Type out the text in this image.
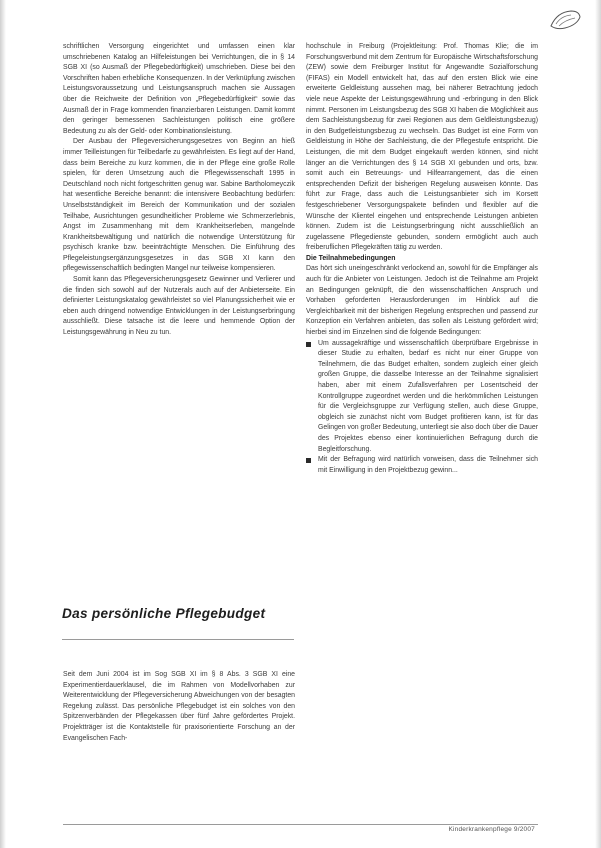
schriftlichen Versorgung eingerichtet und umfassen einen klar umschriebenen Katalog an Hilfeleistungen bei Verrichtungen, die in § 14 SGB XI (so Ausmaß der Pflegebedürftigkeit) umschrieben. Diese bei den Vorschriften haben erhebliche Konsequenzen. In der Verknüpfung zwischen Leistungsvoraussetzung und Leistungsanspruch machen sie Aussagen über die Reichweite der Definition von „Pflegebedürftigkeit“ sowie das Ausmaß der in Frage kommenden finanzierbaren Leistungen. Damit kommt den geringer bemessenen Sachleistungen politisch eine größere Bedeutung zu als der Geld- oder Kombinationsleistung.

Der Ausbau der Pflegeversicherungsgesetzes von Beginn an hieß immer Teilleistungen für Teilbedarfe zu gewährleisten. Es liegt auf der Hand, dass beim Bereiche zu kurz kommen, die in der Pflege eine große Rolle spielen, für deren Umsetzung auch die Pflegewissenschaft 1995 in Deutschland noch nicht fortgeschritten genug war. Sabine Bartholomeyczik hat wesentliche Bereiche benannt: die intensivere Beobachtung bedürfen: Unselbstständigkeit im Bereich der Kommunikation und der sozialen Teilhabe, Ausrichtungen gesundheitlicher Probleme wie Schmerzerlebnis, Angst im Zusammenhang mit dem Krankheitserleben, mangelnde Krankheitsbewältigung und natürlich die notwendige Unterstützung für psychisch kranke bzw. beeinträchtigte Menschen. Die Einführung des Pflegeleistungsergänzungsgesetzes in das SGB XI kann den pflegewissenschaftlich bedingten Mangel nur teilweise kompensieren.

Somit kann das Pflegeversicherungsgesetz Gewinner und Verlierer und die finden sich sowohl auf der Nutzerals auch auf der Anbieterseite. Ein definierter Leistungskatalog gewährleistet so viel Planungssicherheit wie er eben auch dringend notwendige Entwicklungen in der Leistungserbringung ausschließt. Diese tatsache ist die leere und hemmende Option der Leistungsgewährung in Neu zu tun.

Das persönliche Pflegebudget

Seit dem Juni 2004 ist im Sog SGB XI im § 8 Abs. 3 SGB XI eine Experimentierdauerklausel, die im Rahmen von Modellvorhaben zur Weiterentwicklung der Pflegeversicherung Abweichungen von der besagten Regelung zulässt. Das persönliche Pflegebudget ist ein solches von den Spitzenverbänden der Pflegekassen über fünf Jahre gefördertes Projekt. Projektträger ist die Kontaktstelle für praxisorientierte Forschung an der Evangelischen Fach-

hochschule in Freiburg (Projektleitung: Prof. Thomas Klie; die im Forschungsverbund mit dem Zentrum für Europäische Wirtschaftsforschung (ZEW) sowie dem Freiburger Institut für Angewandte Sozialforschung (FIFAS) ein Modell entwickelt hat, das auf den ersten Blick wie eine erweiterte Geldleistung aussehen mag, bei näherer Betrachtung jedoch viele neue Aspekte der Leistungsgewährung und -erbringung in den Blick nimmt. Personen im Leistungsbezug des SGB XI haben die Möglichkeit aus dem Sachleistungsbezug für zwei Regionen aus dem Geldleistungsbezug) in den Budgetleistungsbezug zu wechseln. Das Budget ist eine Form von Geldleistung in Höhe der Sachleistung, die der Pflegestufe entspricht. Die Leistungen, die mit dem Budget eingekauft werden können, sind nicht länger an die Verrichtungen des § 14 SGB XI gebunden und orts, bzw. somit auch ein Betreuungs- und Hilfearrangement, das die einen entsprechenden Defizit der bisherigen Regelung ausweisen könnte. Das führt zur Frage, dass auch die Leistungsanbieter sich im Korsett festgeschriebener Versorgungspakete befinden und flexibler auf die Wünsche der Klientel eingehen und entsprechende Leistungen anbieten können. Zudem ist die Leistungserbringung nicht ausschließlich an zugelassene Pflegedienste gebunden, sondern ermöglicht auch auch freiberuflichen Pflegekräften tätig zu werden.

Die Teilnahmebedingungen

Das hört sich uneingeschränkt verlockend an, sowohl für die Empfänger als auch für die Anbieter von Leistungen. Jedoch ist die Teilnahme am Projekt an Bedingungen geknüpft, die den wissenschaftlichen Anspruch und Vorhaben geforderten Herausforderungen im Hinblick auf die Vergleichbarkeit mit der bisherigen Regelung entsprechen und passend zur Konzeption ein Verfahren anbieten, das sollen als Leistung gefördert wird; hierbei sind im Einzelnen sind die folgende Bedingungen:

Um aussagekräftige und wissenschaftlich überprüfbare Ergebnisse in dieser Studie zu erhalten, bedarf es nicht nur einer Gruppe von Teilnehmern, die das Budget erhalten, sondern zugleich einer gleich großen Gruppe, die dasselbe Interesse an der Teilnahme signalisiert haben, aber mit einem Zufallsverfahren per Losentscheid der Kontrollgruppe zugeordnet werden und die herkömmlichen Leistungen für die Vergleichsgruppe zur Verfügung stellen, auch diese Gruppe, obgleich sie zunächst nicht vom Budget profitieren kann, ist für das Gelingen von großer Bedeutung, unterliegt sie also doch über die Dauer des Projektes ebenso einer kontinuierlichen Befragung durch die Begleitforschung.
Mit der Befragung wird natürlich vorweisen, dass die Teilnehmer sich mit Einwilligung in den Projektbezug gewinn...
Kinderkrankenpflege 9/2007
